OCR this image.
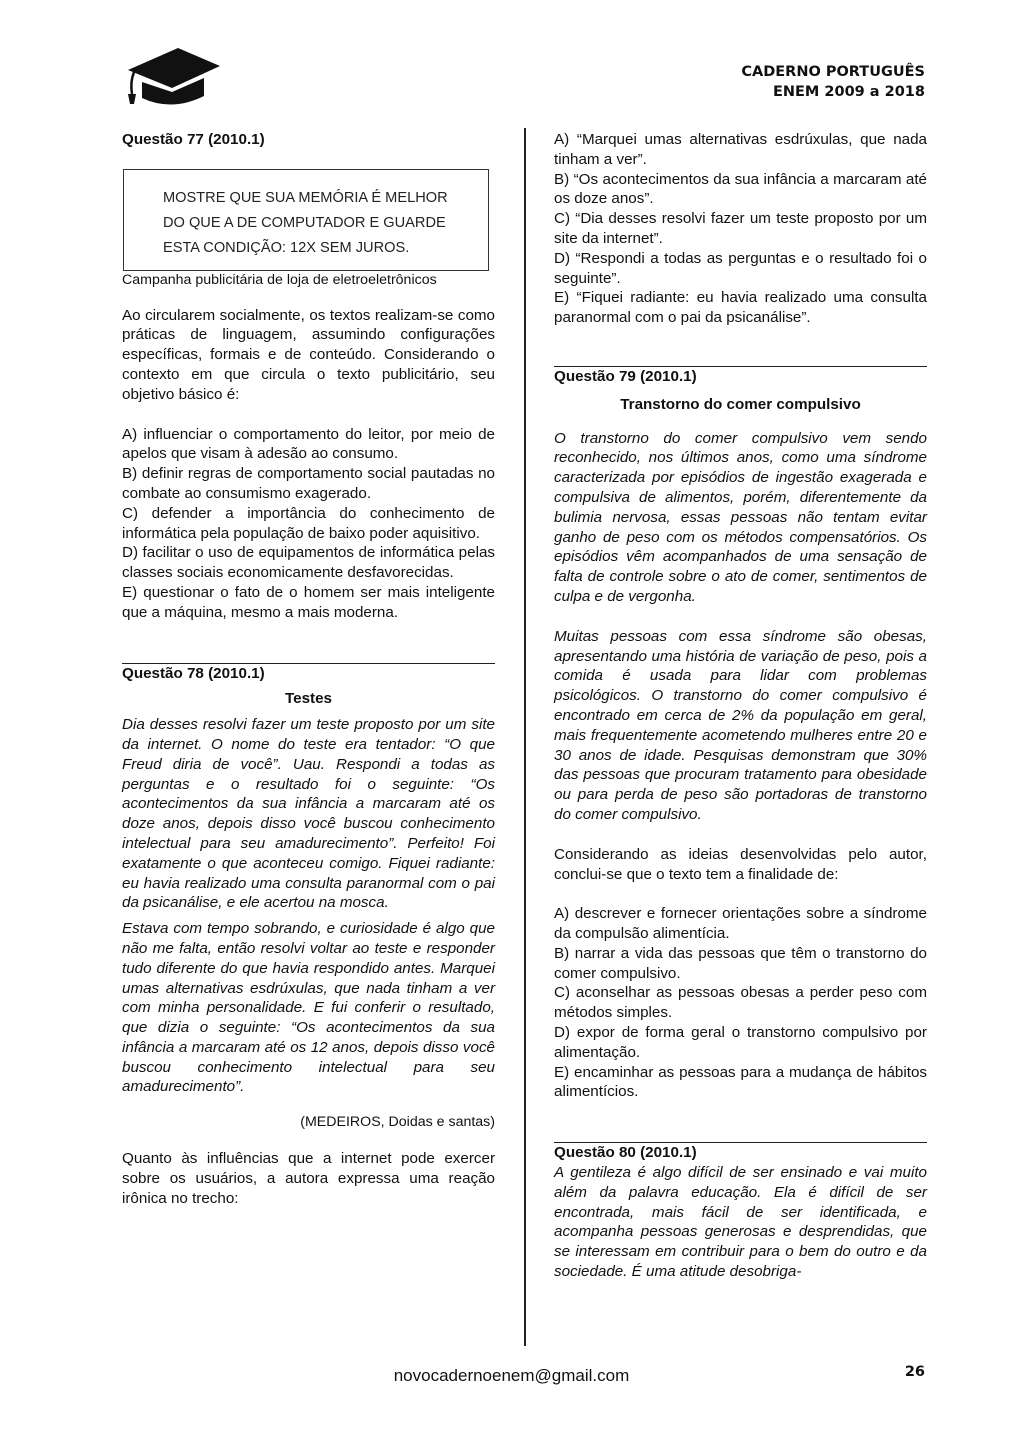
CADERNO PORTUGUÊS
ENEM 2009 a 2018

Questão 77 (2010.1)

MOSTRE QUE SUA MEMÓRIA É MELHOR
DO QUE A DE COMPUTADOR E GUARDE
ESTA CONDIÇÃO: 12X SEM JUROS.

Campanha publicitária de loja de eletroeletrônicos

Ao circularem socialmente, os textos realizam-se como práticas de linguagem, assumindo configurações específicas, formais e de conteúdo. Considerando o contexto em que circula o texto publicitário, seu objetivo básico é:

A) influenciar o comportamento do leitor, por meio de apelos que visam à adesão ao consumo.

B) definir regras de comportamento social pautadas no combate ao consumismo exagerado.

C) defender a importância do conhecimento de informática pela população de baixo poder aquisitivo.

D) facilitar o uso de equipamentos de informática pelas classes sociais economicamente desfavorecidas.

E) questionar o fato de o homem ser mais inteligente que a máquina, mesmo a mais moderna.

Questão 78 (2010.1)

Testes

Dia desses resolvi fazer um teste proposto por um site da internet. O nome do teste era tentador: “O que Freud diria de você”. Uau. Respondi a todas as perguntas e o resultado foi o seguinte: “Os acontecimentos da sua infância a marcaram até os doze anos, depois disso você buscou conhecimento intelectual para seu amadurecimento”. Perfeito! Foi exatamente o que aconteceu comigo. Fiquei radiante: eu havia realizado uma consulta paranormal com o pai da psicanálise, e ele acertou na mosca.

Estava com tempo sobrando, e curiosidade é algo que não me falta, então resolvi voltar ao teste e responder tudo diferente do que havia respondido antes. Marquei umas alternativas esdrúxulas, que nada tinham a ver com minha personalidade. E fui conferir o resultado, que dizia o seguinte: “Os acontecimentos da sua infância a marcaram até os 12 anos, depois disso você buscou conhecimento intelectual para seu amadurecimento”.

(MEDEIROS, Doidas e santas)

Quanto às influências que a internet pode exercer sobre os usuários, a autora expressa uma reação irônica no trecho:

A) “Marquei umas alternativas esdrúxulas, que nada tinham a ver”.

B) “Os acontecimentos da sua infância a marcaram até os doze anos”.

C) “Dia desses resolvi fazer um teste proposto por um site da internet”.

D) “Respondi a todas as perguntas e o resultado foi o seguinte”.

E) “Fiquei radiante: eu havia realizado uma consulta paranormal com o pai da psicanálise”.

Questão 79 (2010.1)

Transtorno do comer compulsivo

O transtorno do comer compulsivo vem sendo reconhecido, nos últimos anos, como uma síndrome caracterizada por episódios de ingestão exagerada e compulsiva de alimentos, porém, diferentemente da bulimia nervosa, essas pessoas não tentam evitar ganho de peso com os métodos compensatórios. Os episódios vêm acompanhados de uma sensação de falta de controle sobre o ato de comer, sentimentos de culpa e de vergonha.

Muitas pessoas com essa síndrome são obesas, apresentando uma história de variação de peso, pois a comida é usada para lidar com problemas psicológicos. O transtorno do comer compulsivo é encontrado em cerca de 2% da população em geral, mais frequentemente acometendo mulheres entre 20 e 30 anos de idade. Pesquisas demonstram que 30% das pessoas que procuram tratamento para obesidade ou para perda de peso são portadoras de transtorno do comer compulsivo.

Considerando as ideias desenvolvidas pelo autor, conclui-se que o texto tem a finalidade de:

A) descrever e fornecer orientações sobre a síndrome da compulsão alimentícia.

B) narrar a vida das pessoas que têm o transtorno do comer compulsivo.

C) aconselhar as pessoas obesas a perder peso com métodos simples.

D) expor de forma geral o transtorno compulsivo por alimentação.

E) encaminhar as pessoas para a mudança de hábitos alimentícios.

Questão 80 (2010.1)

A gentileza é algo difícil de ser ensinado e vai muito além da palavra educação. Ela é difícil de ser encontrada, mais fácil de ser identificada, e acompanha pessoas generosas e desprendidas, que se interessam em contribuir para o bem do outro e da sociedade. É uma atitude desobriga-

novocadernoenem@gmail.com	26
